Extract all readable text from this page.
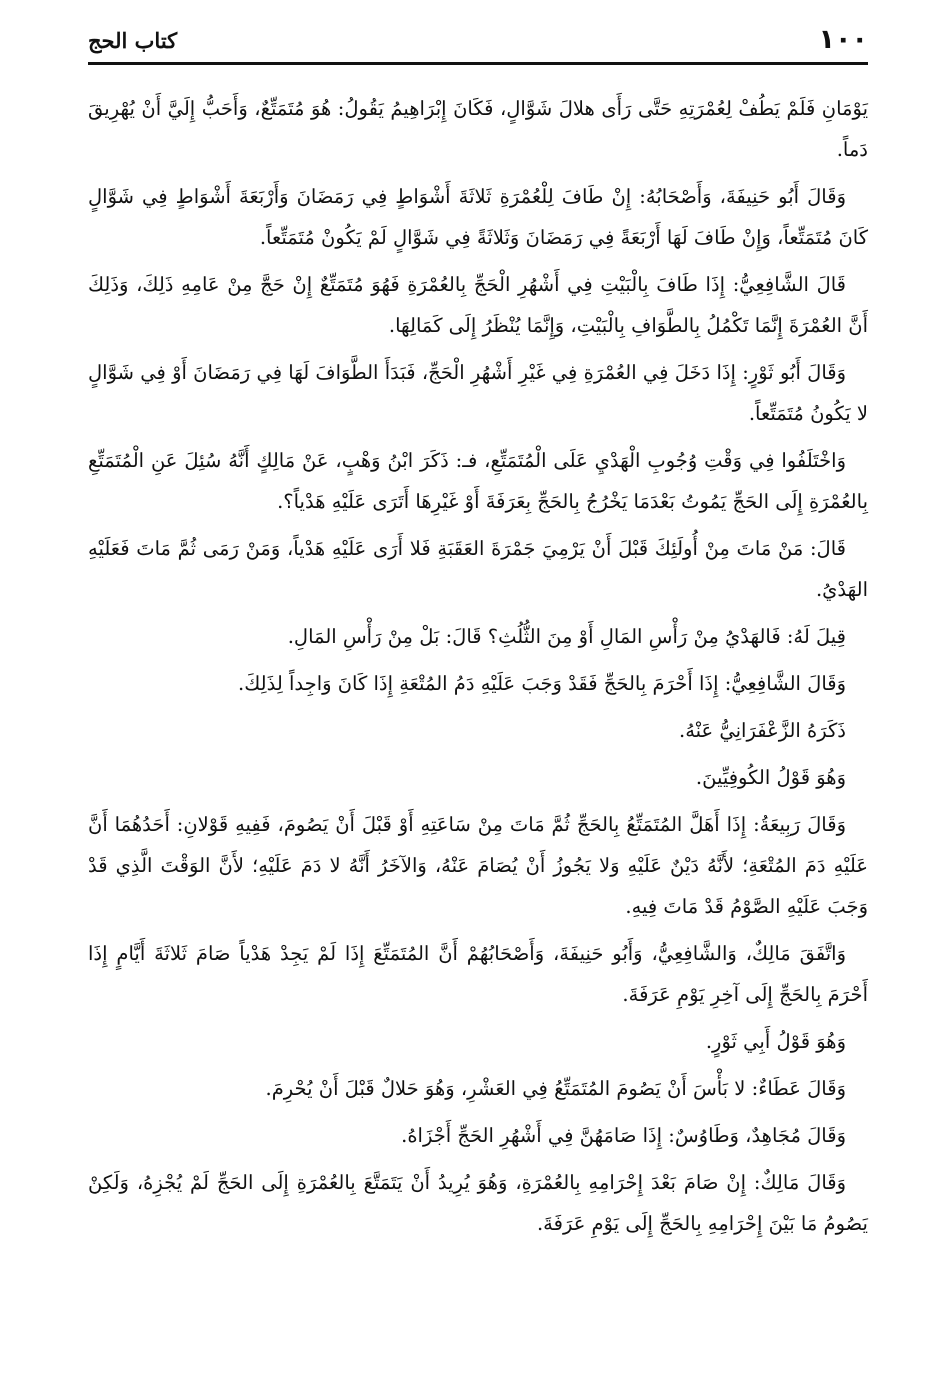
١٠٠
كتاب الحج

يَوْمَانِ فَلَمْ يَطُفْ لِعُمْرَتِهِ حَتَّى رَأَى هلالَ شَوَّالٍ، فَكَانَ إِبْرَاهِيمُ يَقُولُ: هُوَ مُتَمَتِّعٌ، وَأَحَبُّ إِلَيَّ أَنْ يُهْرِيقَ دَماً.

وَقَالَ أَبُو حَنِيفَةَ، وَأَصْحَابُهُ: إِنْ طَافَ لِلْعُمْرَةِ ثَلاثَةَ أَشْوَاطٍ فِي رَمَضَانَ وَأَرْبَعَةَ أَشْوَاطٍ فِي شَوَّالٍ كَانَ مُتَمَتِّعاً، وَإِنْ طَافَ لَهَا أَرْبَعَةً فِي رَمَضَانَ وَثَلاثَةً فِي شَوَّالٍ لَمْ يَكُونْ مُتَمَتِّعاً.

قَالَ الشَّافِعِيُّ: إِذَا طَافَ بِالْبَيْتِ فِي أَشْهُرِ الْحَجِّ بِالعُمْرَةِ فَهُوَ مُتَمَتِّعٌ إِنْ حَجَّ مِنْ عَامِهِ ذَلِكَ، وَذَلِكَ أَنَّ العُمْرَةَ إِنَّمَا تَكْمُلُ بِالطَّوَافِ بِالْبَيْتِ، وَإِنَّمَا يُنْظَرُ إِلَى كَمَالِهَا.

وَقَالَ أَبُو ثَوْرٍ: إِذَا دَخَلَ فِي العُمْرَةِ فِي غَيْرِ أَشْهُرِ الْحَجِّ، فَبَدَأَ الطَّوَافَ لَهَا فِي رَمَضَانَ أَوْ فِي شَوَّالٍ لا يَكُونُ مُتَمَتِّعاً.

وَاخْتَلَفُوا فِي وَقْتِ وُجُوبِ الْهَدْيِ عَلَى الْمُتَمَتِّعِ، فـ: ذَكَرَ ابْنُ وَهْبٍ، عَنْ مَالِكٍ أَنَّهُ سُئِلَ عَنِ الْمُتَمَتِّعِ بِالعُمْرَةِ إِلَى الحَجِّ يَمُوتُ بَعْدَمَا يَخْرُجُ بِالحَجِّ بِعَرَفَةَ أَوْ غَيْرِهَا أَتَرَى عَلَيْهِ هَدْياً؟.

قَالَ: مَنْ مَاتَ مِنْ أُولَئِكَ قَبْلَ أَنْ يَرْمِيَ جَمْرَةَ العَقَبَةِ فَلا أَرَى عَلَيْهِ هَدْياً، وَمَنْ رَمَى ثُمَّ مَاتَ فَعَلَيْهِ الهَدْيُ.

قِيلَ لَهُ: فَالهَدْيُ مِنْ رَأْسِ المَالِ أَوْ مِنَ الثُّلُثِ؟ قَالَ: بَلْ مِنْ رَأْسِ المَالِ.

وَقَالَ الشَّافِعِيُّ: إِذَا أَحْرَمَ بِالحَجِّ فَقَدْ وَجَبَ عَلَيْهِ دَمُ المُتْعَةِ إِذَا كَانَ وَاجِداً لِذَلِكَ.

ذَكَرَهُ الزَّعْفَرَانِيُّ عَنْهُ.

وَهُوَ قَوْلُ الكُوفِيِّينَ.

وَقَالَ رَبِيعَةُ: إِذَا أَهَلَّ المُتَمَتِّعُ بِالحَجِّ ثُمَّ مَاتَ مِنْ سَاعَتِهِ أَوْ قَبْلَ أَنْ يَصُومَ، فَفِيهِ قَوْلانِ: أَحَدُهُمَا أَنَّ عَلَيْهِ دَمَ المُتْعَةِ؛ لأَنَّهُ دَيْنٌ عَلَيْهِ وَلا يَجُوزُ أَنْ يُصَامَ عَنْهُ، وَالآخَرُ أَنَّهُ لا دَمَ عَلَيْهِ؛ لأَنَّ الوَقْتَ الَّذِي قَدْ وَجَبَ عَلَيْهِ الصَّوْمُ قَدْ مَاتَ فِيهِ.

وَاتَّفَقَ مَالِكٌ، وَالشَّافِعِيُّ، وَأَبُو حَنِيفَةَ، وَأَصْحَابُهُمْ أَنَّ المُتَمَتِّعَ إِذَا لَمْ يَجِدْ هَدْياً صَامَ ثَلاثَةَ أَيَّامٍ إِذَا أَحْرَمَ بِالحَجِّ إِلَى آخِرِ يَوْمِ عَرَفَةَ.

وَهُوَ قَوْلُ أَبِي ثَوْرٍ.

وَقَالَ عَطَاءٌ: لا بَأْسَ أَنْ يَصُومَ المُتَمَتِّعُ فِي العَشْرِ، وَهُوَ حَلالٌ قَبْلَ أَنْ يُحْرِمَ.

وَقَالَ مُجَاهِدٌ، وَطَاوُسٌ: إِذَا صَامَهُنَّ فِي أَشْهُرِ الحَجِّ أَجْزَاهُ.

وَقَالَ مَالِكٌ: إِنْ صَامَ بَعْدَ إِحْرَامِهِ بِالعُمْرَةِ، وَهُوَ يُرِيدُ أَنْ يَتَمَتَّعَ بِالعُمْرَةِ إِلَى الحَجِّ لَمْ يُجْزِهُ، وَلَكِنْ يَصُومُ مَا بَيْنَ إِحْرَامِهِ بِالحَجِّ إِلَى يَوْمِ عَرَفَةَ.
